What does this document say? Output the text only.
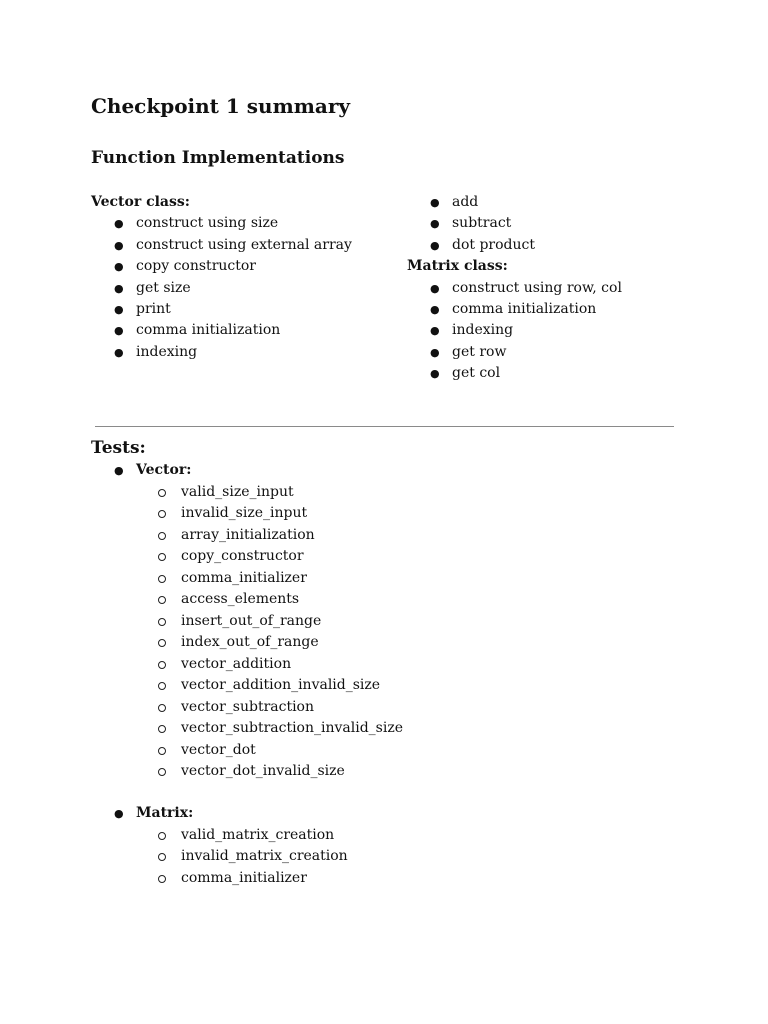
Checkpoint 1 summary
Function Implementations
Vector class:
● construct using size
● construct using external array
● copy constructor
● get size
● print
● comma initialization
● indexing
● add
● subtract
● dot product
Matrix class:
● construct using row, col
● comma initialization
● indexing
● get row
● get col
Tests:
● Vector:
valid_size_input
invalid_size_input
array_initialization
copy_constructor
comma_initializer
access_elements
insert_out_of_range
index_out_of_range
vector_addition
vector_addition_invalid_size
vector_subtraction
vector_subtraction_invalid_size
vector_dot
vector_dot_invalid_size
● Matrix:
valid_matrix_creation
invalid_matrix_creation
comma_initializer
